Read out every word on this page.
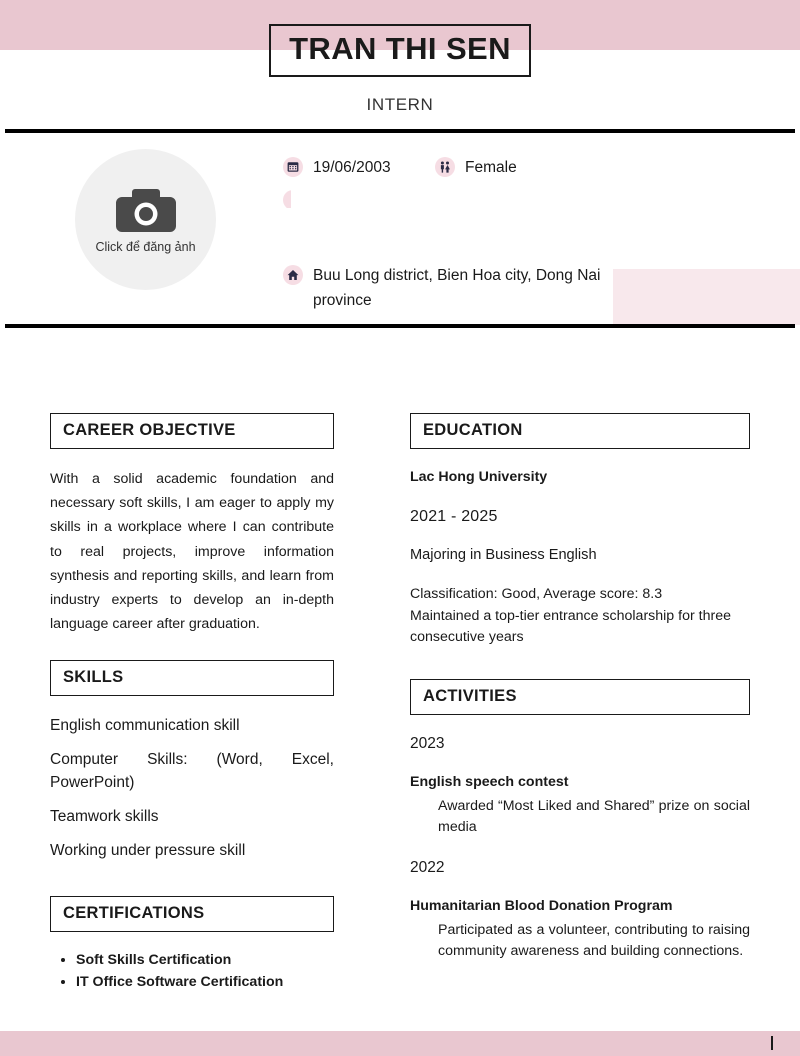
TRAN THI SEN
INTERN
Click để đăng ảnh
19/06/2003	Female
Buu Long district, Bien Hoa city, Dong Nai province
CAREER OBJECTIVE

With a solid academic foundation and necessary soft skills, I am eager to apply my skills in a workplace where I can contribute to real projects, improve information synthesis and reporting skills, and learn from industry experts to develop an in-depth language career after graduation.

SKILLS
English communication skill
Computer Skills: (Word, Excel, PowerPoint)
Teamwork skills
Working under pressure skill
CERTIFICATIONS
• Soft Skills Certification
• IT Office Software Certification
EDUCATION
Lac Hong University
2021 - 2025
Majoring in Business English
Classification: Good, Average score: 8.3
Maintained a top-tier entrance scholarship for three consecutive years
ACTIVITIES
2023
English speech contest
Awarded “Most Liked and Shared” prize on social media
2022
Humanitarian Blood Donation Program
Participated as a volunteer, contributing to raising community awareness and building connections.
